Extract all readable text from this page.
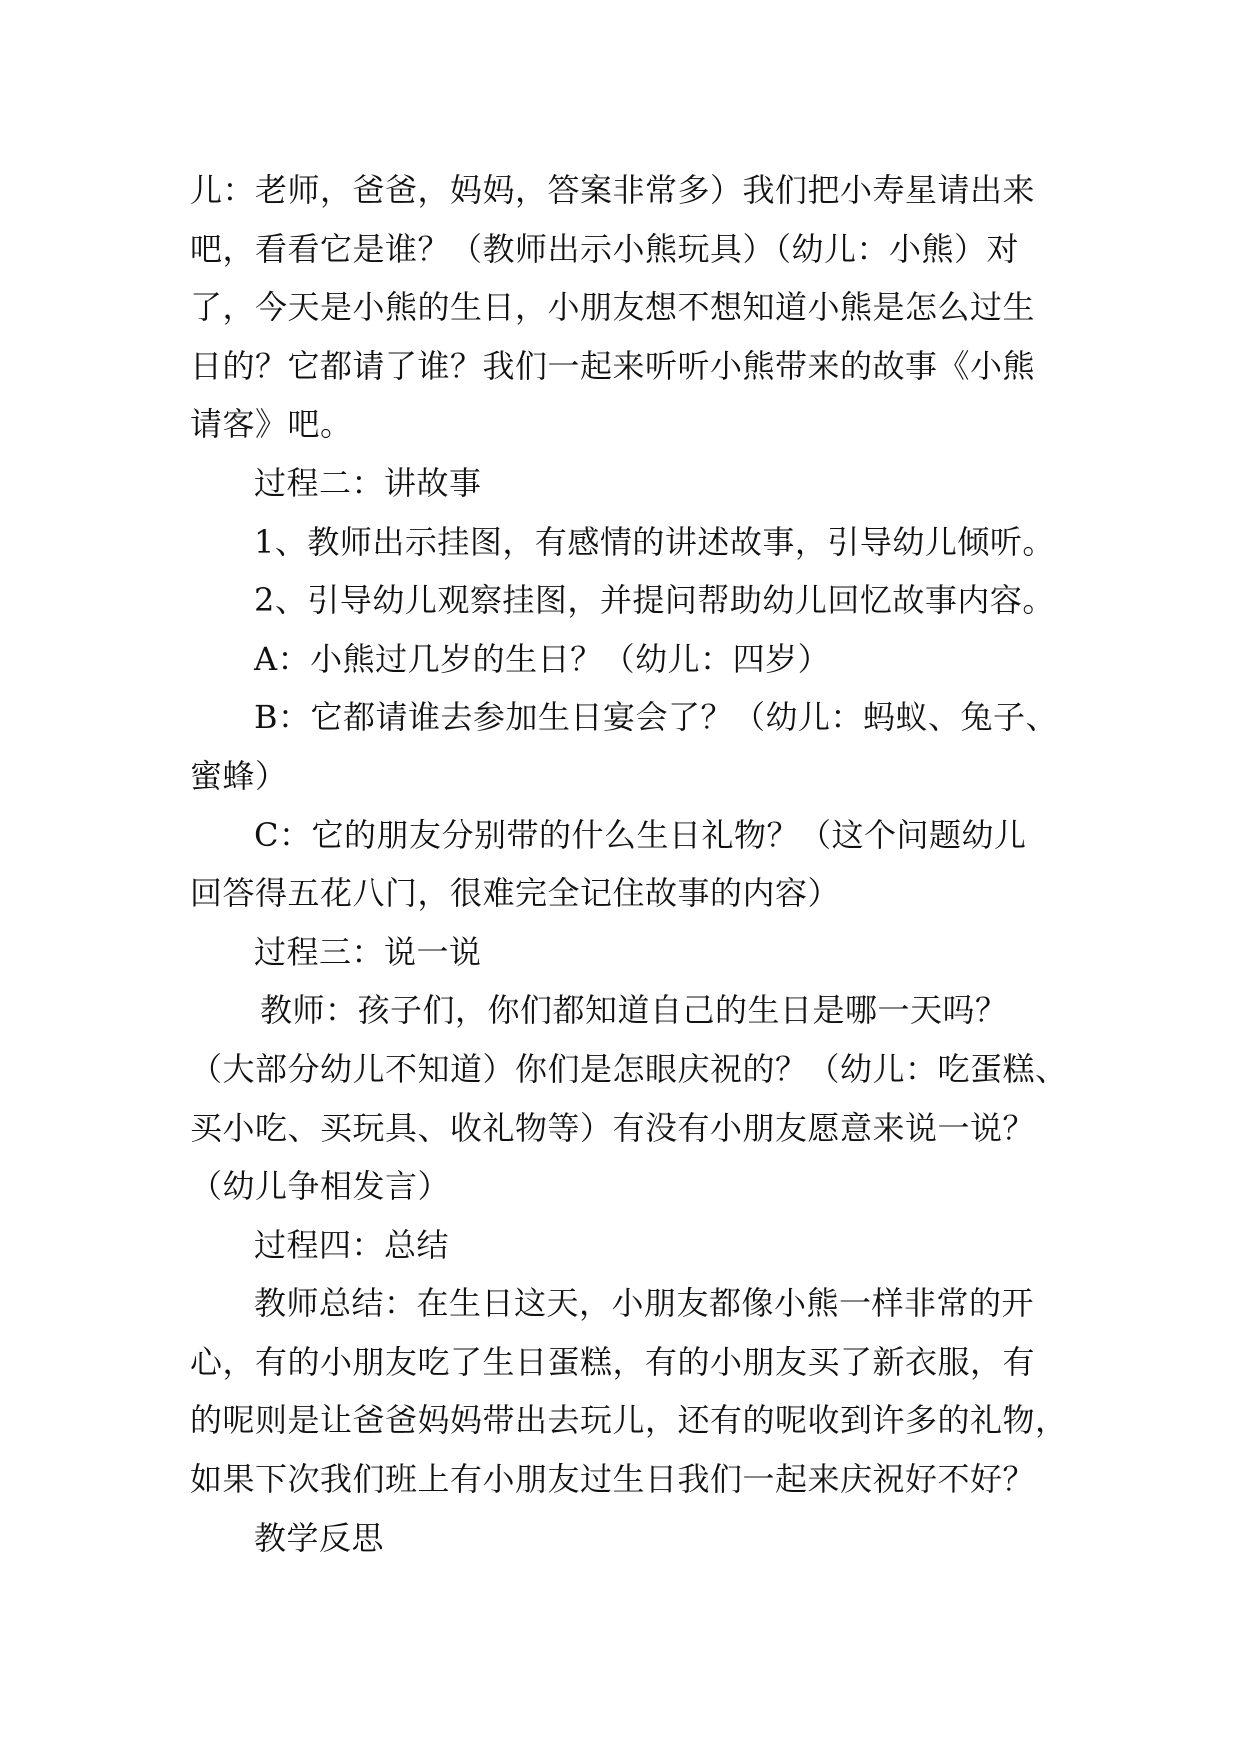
儿：老师，爸爸，妈妈，答案非常多）我们把小寿星请出来
吧，看看它是谁？（教师出示小熊玩具）（幼儿：小熊）对
了，今天是小熊的生日，小朋友想不想知道小熊是怎么过生
日的？它都请了谁？我们一起来听听小熊带来的故事《小熊
请客》吧。
过程二：讲故事
1、教师出示挂图，有感情的讲述故事，引导幼儿倾听。
2、引导幼儿观察挂图，并提问帮助幼儿回忆故事内容。
A：小熊过几岁的生日？（幼儿：四岁）
B：它都请谁去参加生日宴会了？（幼儿：蚂蚁、兔子、
蜜蜂）
C：它的朋友分别带的什么生日礼物？（这个问题幼儿
回答得五花八门，很难完全记住故事的内容）
过程三：说一说
教师：孩子们，你们都知道自己的生日是哪一天吗？
（大部分幼儿不知道）你们是怎眼庆祝的？（幼儿：吃蛋糕、
买小吃、买玩具、收礼物等）有没有小朋友愿意来说一说？
（幼儿争相发言）
过程四：总结
教师总结：在生日这天，小朋友都像小熊一样非常的开
心，有的小朋友吃了生日蛋糕，有的小朋友买了新衣服，有
的呢则是让爸爸妈妈带出去玩儿，还有的呢收到许多的礼物，
如果下次我们班上有小朋友过生日我们一起来庆祝好不好？
教学反思
